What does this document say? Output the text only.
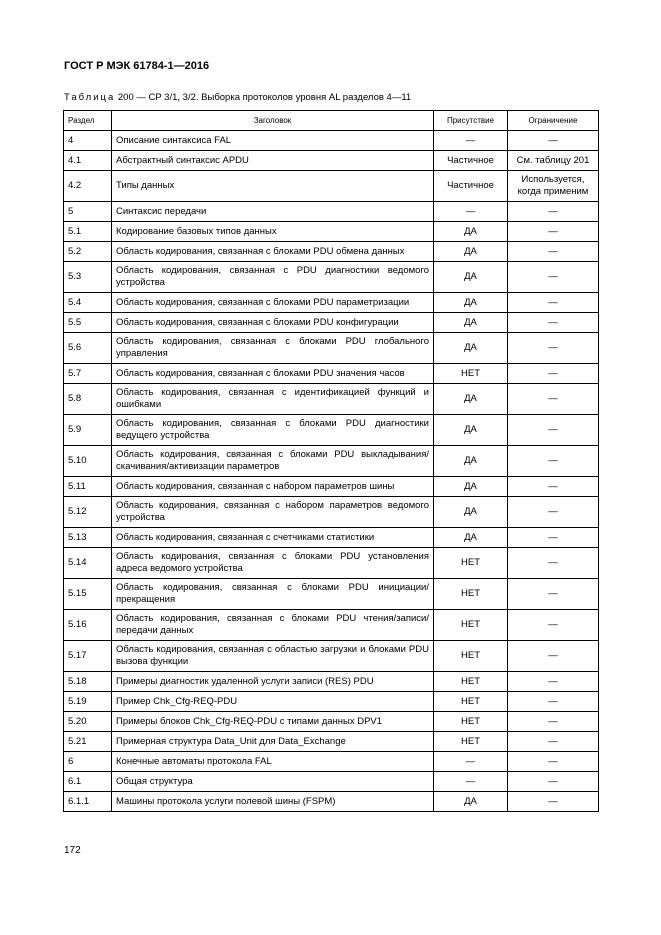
ГОСТ Р МЭК 61784-1—2016
Таблица 200 — CP 3/1, 3/2. Выборка протоколов уровня AL разделов 4—11
Раздел	Заголовок	Присутствие	Ограничение
4	Описание синтаксиса FAL	—	—
4.1	Абстрактный синтаксис APDU	Частичное	См. таблицу 201
4.2	Типы данных	Частичное	Используется, когда применим
5	Синтаксис передачи	—	—
5.1	Кодирование базовых типов данных	ДА	—
5.2	Область кодирования, связанная с блоками PDU обмена данных	ДА	—
5.3	Область кодирования, связанная с PDU диагностики ведомого устройства	ДА	—
5.4	Область кодирования, связанная с блоками PDU параметризации	ДА	—
5.5	Область кодирования, связанная с блоками PDU конфигурации	ДА	—
5.6	Область кодирования, связанная с блоками PDU глобального управления	ДА	—
5.7	Область кодирования, связанная с блоками PDU значения часов	НЕТ	—
5.8	Область кодирования, связанная с идентификацией функций и ошибками	ДА	—
5.9	Область кодирования, связанная с блоками PDU диагностики ведущего устройства	ДА	—
5.10	Область кодирования, связанная с блоками PDU выкладывания/скачивания/активизации параметров	ДА	—
5.11	Область кодирования, связанная с набором параметров шины	ДА	—
5.12	Область кодирования, связанная с набором параметров ведомого устройства	ДА	—
5.13	Область кодирования, связанная с счетчиками статистики	ДА	—
5.14	Область кодирования, связанная с блоками PDU установления адреса ведомого устройства	НЕТ	—
5.15	Область кодирования, связанная с блоками PDU инициации/прекращения	НЕТ	—
5.16	Область кодирования, связанная с блоками PDU чтения/записи/передачи данных	НЕТ	—
5.17	Область кодирования, связанная с областью загрузки и блоками PDU вызова функции	НЕТ	—
5.18	Примеры диагностик удаленной услуги записи (RES) PDU	НЕТ	—
5.19	Пример Chk_Cfg-REQ-PDU	НЕТ	—
5.20	Примеры блоков Chk_Cfg-REQ-PDU с типами данных DPV1	НЕТ	—
5.21	Примерная структура Data_Unit для Data_Exchange	НЕТ	—
6	Конечные автоматы протокола FAL	—	—
6.1	Общая структура	—	—
6.1.1	Машины протокола услуги полевой шины (FSPM)	ДА	—
172
